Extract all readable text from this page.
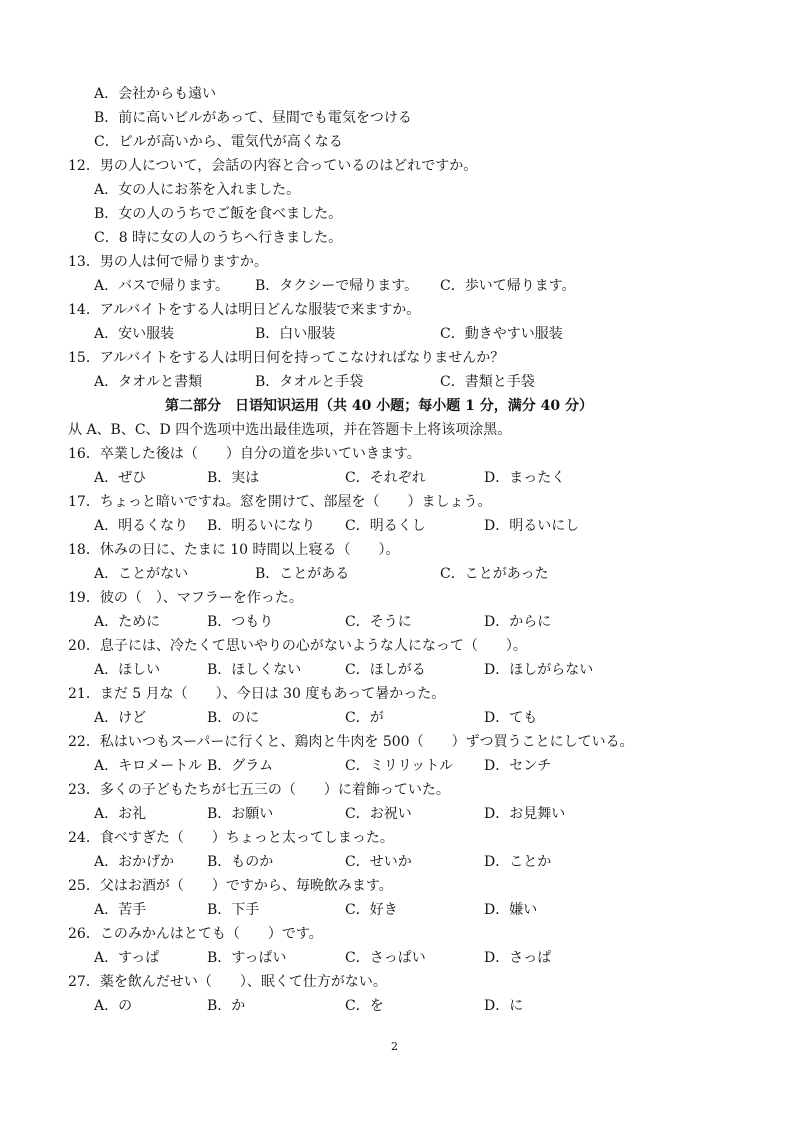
A．会社からも遠い
B．前に高いビルがあって、昼間でも電気をつける
C．ビルが高いから、電気代が高くなる
12．男の人について，会話の内容と合っているのはどれですか。
A．女の人にお茶を入れました。
B．女の人のうちでご飯を食べました。
C．8 時に女の人のうちへ行きました。
13．男の人は何で帰りますか。
A．バスで帰ります。 B．タクシーで帰ります。 C．歩いて帰ります。
14．アルバイトをする人は明日どんな服装で来ますか。
A．安い服装	B．白い服装	C．動きやすい服装
15．アルバイトをする人は明日何を持ってこなければなりませんか？
A．タオルと書類	B．タオルと手袋	C．書類と手袋
第二部分　日语知识运用（共 40 小题；每小题 1 分，满分 40 分）
从 A、B、C、D 四个选项中选出最佳选项，并在答题卡上将该项涂黑。
16．卒業した後は（　　）自分の道を歩いていきます。
A．ぜひ	B．実は	C．それぞれ	D．まったく
17．ちょっと暗いですね。窓を開けて、部屋を（　　）ましょう。
A．明るくなり B．明るいになり C．明るくし	D．明るいにし
18．休みの日に、たまに 10 時間以上寝る（　　）。
A．ことがない	B．ことがある	C．ことがあった
19．彼の（　）、マフラーを作った。
A．ために	B．つもり	C．そうに	D．からに
20．息子には、冷たくて思いやりの心がないような人になって（　　）。
A．ほしい	B．ほしくない	C．ほしがる	D．ほしがらない
21．まだ 5 月な（　　）、今日は 30 度もあって暑かった。
A．けど	B．のに	C．が	D．ても
22．私はいつもスーパーに行くと、鶏肉と牛肉を 500（　　）ずつ買うことにしている。
A．キロメートル B．グラム	C．ミリリットル D．センチ
23．多くの子どもたちが七五三の（　　）に着飾っていた。
A．お礼	B．お願い	C．お祝い	D．お見舞い
24．食べすぎた（　　）ちょっと太ってしまった。
A．おかげか B．ものか	C．せいか	D．ことか
25．父はお酒が（　　）ですから、毎晩飲みます。
A．苦手	B．下手	C．好き	D．嫌い
26．このみかんはとても（　　）です。
A．すっぱ	B．すっぱい	C．さっぱい	D．さっぱ
27．薬を飲んだせい（　　）、眠くて仕方がない。
A．の	B．か	C．を	D．に
2
